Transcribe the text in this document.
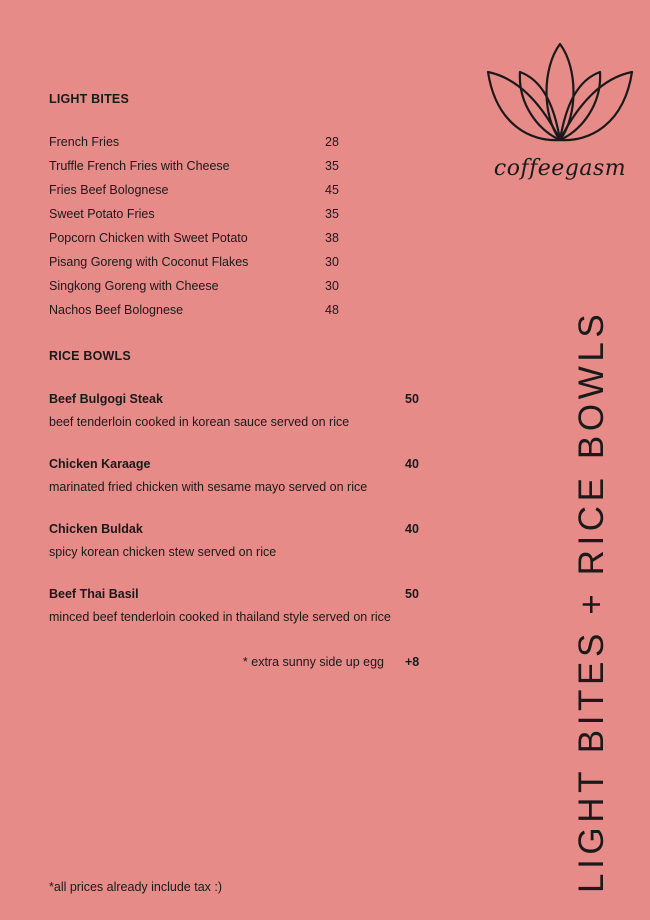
LIGHT BITES
French Fries	28
Truffle French Fries with Cheese	35
Fries Beef Bolognese	45
Sweet Potato Fries	35
Popcorn Chicken with Sweet Potato	38
Pisang Goreng with Coconut Flakes	30
Singkong Goreng with Cheese	30
Nachos Beef Bolognese	48
RICE BOWLS
Beef Bulgogi Steak	50
beef tenderloin cooked in korean sauce served on rice
Chicken Karaage	40
marinated fried chicken with sesame mayo served on rice
Chicken Buldak	40
spicy korean chicken stew served on rice
Beef Thai Basil	50
minced beef tenderloin cooked in thailand style served on rice
* extra sunny side up egg +8
*all prices already include tax :)
coffeegasm
LIGHT BITES + RICE BOWLS
